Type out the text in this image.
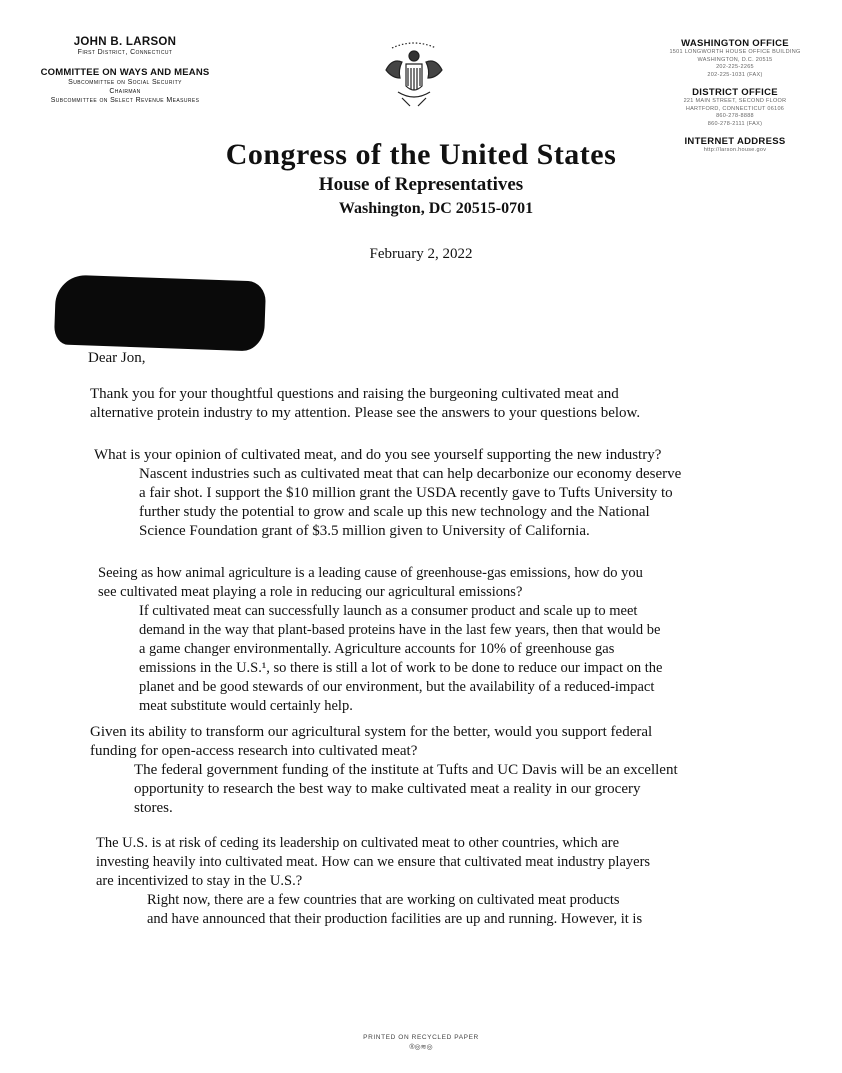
JOHN B. LARSON
First District, Connecticut
COMMITTEE ON WAYS AND MEANS
Subcommittee on Social Security
Chairman
Subcommittee on Select Revenue Measures
WASHINGTON OFFICE
1501 LONGWORTH HOUSE OFFICE BUILDING
WASHINGTON, D.C. 20515
202-225-2265
202-225-1031 (FAX)
DISTRICT OFFICE
221 MAIN STREET, SECOND FLOOR
HARTFORD, CONNECTICUT 06106
860-278-8888
860-278-2111 (FAX)
INTERNET ADDRESS
http://larson.house.gov
Congress of the United States
House of Representatives
Washington, DC 20515-0701
February 2, 2022
Dear Jon,
Thank you for your thoughtful questions and raising the burgeoning cultivated meat and
alternative protein industry to my attention. Please see the answers to your questions below.
What is your opinion of cultivated meat, and do you see yourself supporting the new industry?
Nascent industries such as cultivated meat that can help decarbonize our economy deserve
a fair shot. I support the $10 million grant the USDA recently gave to Tufts University to
further study the potential to grow and scale up this new technology and the National
Science Foundation grant of $3.5 million given to University of California.
Seeing as how animal agriculture is a leading cause of greenhouse-gas emissions, how do you
see cultivated meat playing a role in reducing our agricultural emissions?
If cultivated meat can successfully launch as a consumer product and scale up to meet
demand in the way that plant-based proteins have in the last few years, then that would be
a game changer environmentally. Agriculture accounts for 10% of greenhouse gas
emissions in the U.S.¹, so there is still a lot of work to be done to reduce our impact on the
planet and be good stewards of our environment, but the availability of a reduced-impact
meat substitute would certainly help.
Given its ability to transform our agricultural system for the better, would you support federal
funding for open-access research into cultivated meat?
The federal government funding of the institute at Tufts and UC Davis will be an excellent
opportunity to research the best way to make cultivated meat a reality in our grocery
stores.
The U.S. is at risk of ceding its leadership on cultivated meat to other countries, which are
investing heavily into cultivated meat. How can we ensure that cultivated meat industry players
are incentivized to stay in the U.S.?
Right now, there are a few countries that are working on cultivated meat products
and have announced that their production facilities are up and running. However, it is
PRINTED ON RECYCLED PAPER
®◎≋◎
